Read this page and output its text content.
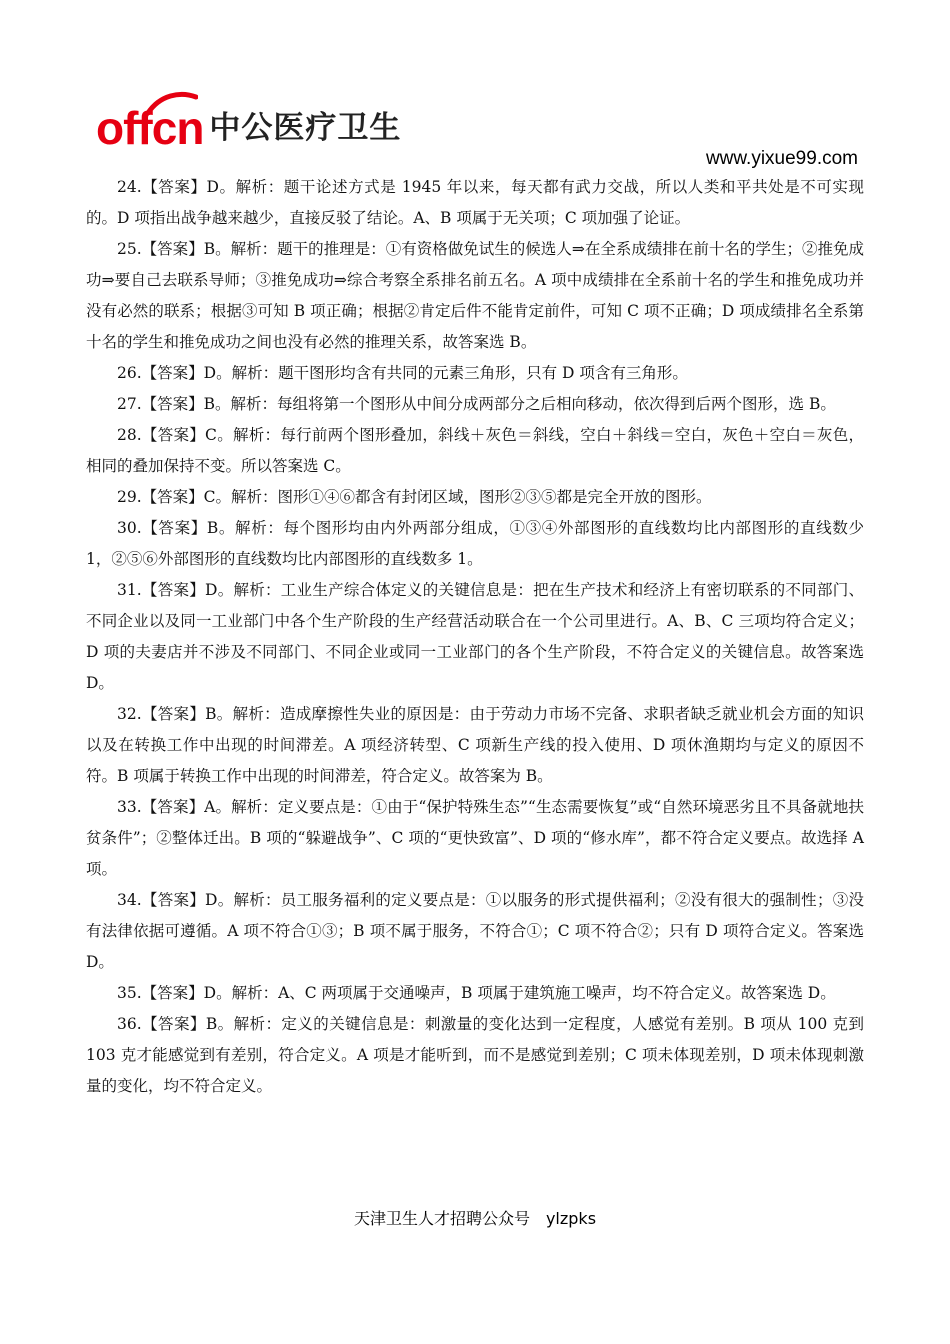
offcn 中公医疗卫生
www.yixue99.com

24.【答案】D。解析：题干论述方式是 1945 年以来，每天都有武力交战，所以人类和平共处是不可实现的。D 项指出战争越来越少，直接反驳了结论。A、B 项属于无关项；C 项加强了论证。

25.【答案】B。解析：题干的推理是：①有资格做免试生的候选人⇒在全系成绩排在前十名的学生；②推免成功⇒要自己去联系导师；③推免成功⇒综合考察全系排名前五名。A 项中成绩排在全系前十名的学生和推免成功并没有必然的联系；根据③可知 B 项正确；根据②肯定后件不能肯定前件，可知 C 项不正确；D 项成绩排名全系第十名的学生和推免成功之间也没有必然的推理关系，故答案选 B。

26.【答案】D。解析：题干图形均含有共同的元素三角形，只有 D 项含有三角形。

27.【答案】B。解析：每组将第一个图形从中间分成两部分之后相向移动，依次得到后两个图形，选 B。

28.【答案】C。解析：每行前两个图形叠加，斜线＋灰色＝斜线，空白＋斜线＝空白，灰色＋空白＝灰色，相同的叠加保持不变。所以答案选 C。

29.【答案】C。解析：图形①④⑥都含有封闭区域，图形②③⑤都是完全开放的图形。

30.【答案】B。解析：每个图形均由内外两部分组成，①③④外部图形的直线数均比内部图形的直线数少 1，②⑤⑥外部图形的直线数均比内部图形的直线数多 1。

31.【答案】D。解析：工业生产综合体定义的关键信息是：把在生产技术和经济上有密切联系的不同部门、不同企业以及同一工业部门中各个生产阶段的生产经营活动联合在一个公司里进行。A、B、C 三项均符合定义；D 项的夫妻店并不涉及不同部门、不同企业或同一工业部门的各个生产阶段，不符合定义的关键信息。故答案选 D。

32.【答案】B。解析：造成摩擦性失业的原因是：由于劳动力市场不完备、求职者缺乏就业机会方面的知识以及在转换工作中出现的时间滞差。A 项经济转型、C 项新生产线的投入使用、D 项休渔期均与定义的原因不符。B 项属于转换工作中出现的时间滞差，符合定义。故答案为 B。

33.【答案】A。解析：定义要点是：①由于“保护特殊生态”“生态需要恢复”或“自然环境恶劣且不具备就地扶贫条件”；②整体迁出。B 项的“躲避战争”、C 项的“更快致富”、D 项的“修水库”，都不符合定义要点。故选择 A 项。

34.【答案】D。解析：员工服务福利的定义要点是：①以服务的形式提供福利；②没有很大的强制性；③没有法律依据可遵循。A 项不符合①③；B 项不属于服务，不符合①；C 项不符合②；只有 D 项符合定义。答案选 D。

35.【答案】D。解析：A、C 两项属于交通噪声，B 项属于建筑施工噪声，均不符合定义。故答案选 D。

36.【答案】B。解析：定义的关键信息是：刺激量的变化达到一定程度，人感觉有差别。B 项从 100 克到 103 克才能感觉到有差别，符合定义。A 项是才能听到，而不是感觉到差别；C 项未体现差别，D 项未体现刺激量的变化，均不符合定义。

天津卫生人才招聘公众号　ylzpks
